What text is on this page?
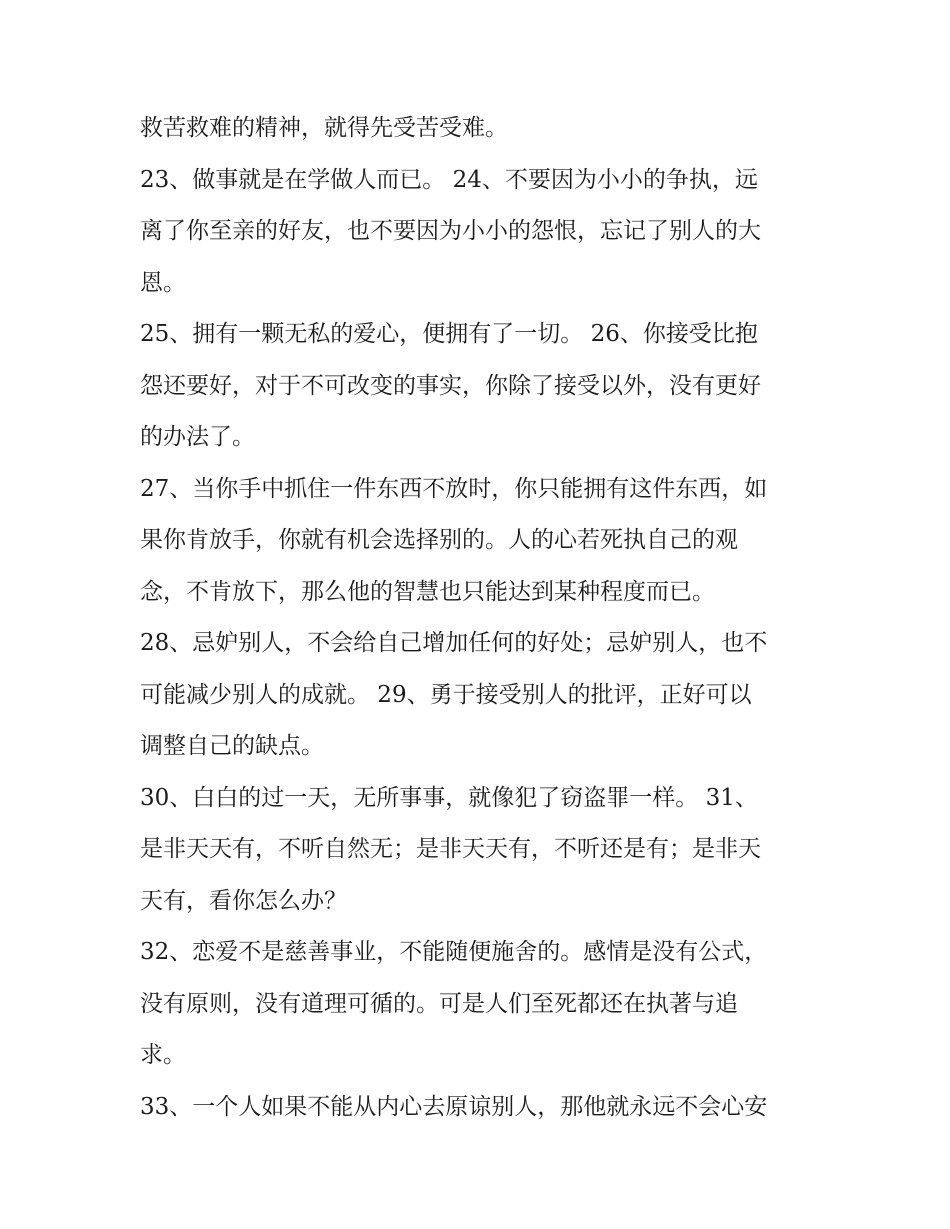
救苦救难的精神，就得先受苦受难。
23、做事就是在学做人而已。 24、不要因为小小的争执，远
离了你至亲的好友，也不要因为小小的怨恨，忘记了别人的大
恩。
25、拥有一颗无私的爱心，便拥有了一切。 26、你接受比抱
怨还要好，对于不可改变的事实，你除了接受以外，没有更好
的办法了。
27、当你手中抓住一件东西不放时，你只能拥有这件东西，如
果你肯放手，你就有机会选择别的。人的心若死执自己的观
念，不肯放下，那么他的智慧也只能达到某种程度而已。
28、忌妒别人，不会给自己增加任何的好处；忌妒别人，也不
可能减少别人的成就。 29、勇于接受别人的批评，正好可以
调整自己的缺点。
30、白白的过一天，无所事事，就像犯了窃盗罪一样。 31、
是非天天有，不听自然无；是非天天有，不听还是有；是非天
天有，看你怎么办？
32、恋爱不是慈善事业，不能随便施舍的。感情是没有公式，
没有原则，没有道理可循的。可是人们至死都还在执著与追
求。
33、一个人如果不能从内心去原谅别人，那他就永远不会心安
